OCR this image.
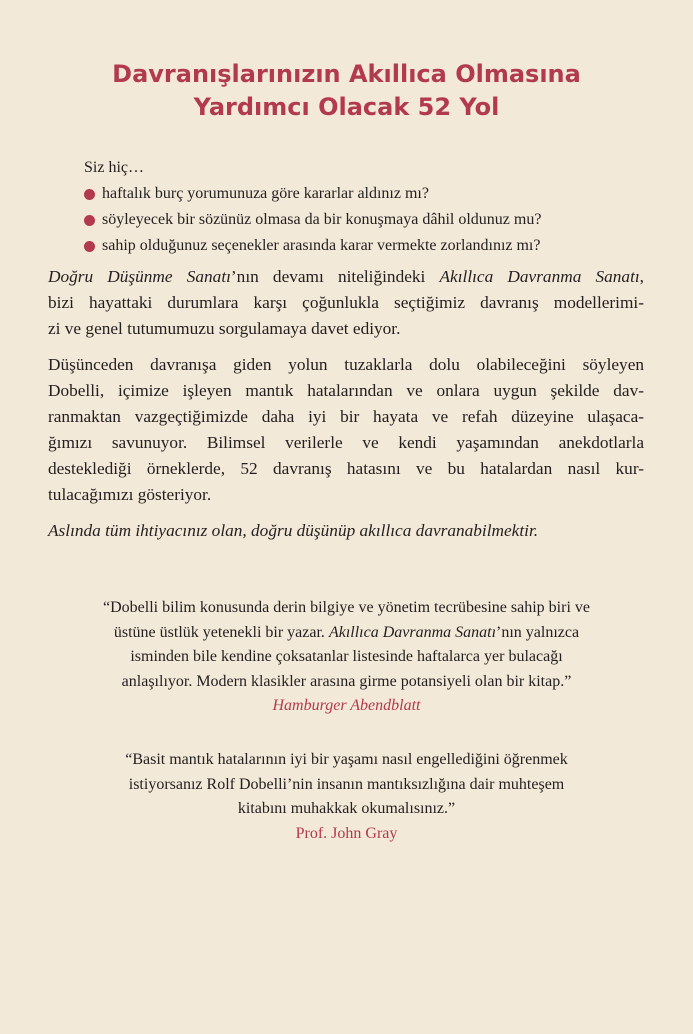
Davranışlarınızın Akıllıca Olmasına
Yardımcı Olacak 52 Yol
Siz hiç…
haftalık burç yorumunuza göre kararlar aldınız mı?
söyleyecek bir sözünüz olmasa da bir konuşmaya dâhil oldunuz mu?
sahip olduğunuz seçenekler arasında karar vermekte zorlandınız mı?

Doğru Düşünme Sanatı’nın devamı niteliğindeki Akıllıca Davranma Sanatı,
bizi hayattaki durumlara karşı çoğunlukla seçtiğimiz davranış modellerimi-
zi ve genel tutumumuzu sorgulamaya davet ediyor.

Düşünceden davranışa giden yolun tuzaklarla dolu olabileceğini söyleyen
Dobelli, içimize işleyen mantık hatalarından ve onlara uygun şekilde dav-
ranmaktan vazgeçtiğimizde daha iyi bir hayata ve refah düzeyine ulaşaca-
ğımızı savunuyor. Bilimsel verilerle ve kendi yaşamından anekdotlarla
desteklediği örneklerde, 52 davranış hatasını ve bu hatalardan nasıl kur-
tulacağımızı gösteriyor.

Aslında tüm ihtiyacınız olan, doğru düşünüp akıllıca davranabilmektir.

“Dobelli bilim konusunda derin bilgiye ve yönetim tecrübesine sahip biri ve
üstüne üstlük yetenekli bir yazar. Akıllıca Davranma Sanatı’nın yalnızca
isminden bile kendine çoksatanlar listesinde haftalarca yer bulacağı
anlaşılıyor. Modern klasikler arasına girme potansiyeli olan bir kitap.”
Hamburger Abendblatt
“Basit mantık hatalarının iyi bir yaşamı nasıl engellediğini öğrenmek
istiyorsanız Rolf Dobelli’nin insanın mantıksızlığına dair muhteşem
kitabını muhakkak okumalısınız.”
Prof. John Gray
